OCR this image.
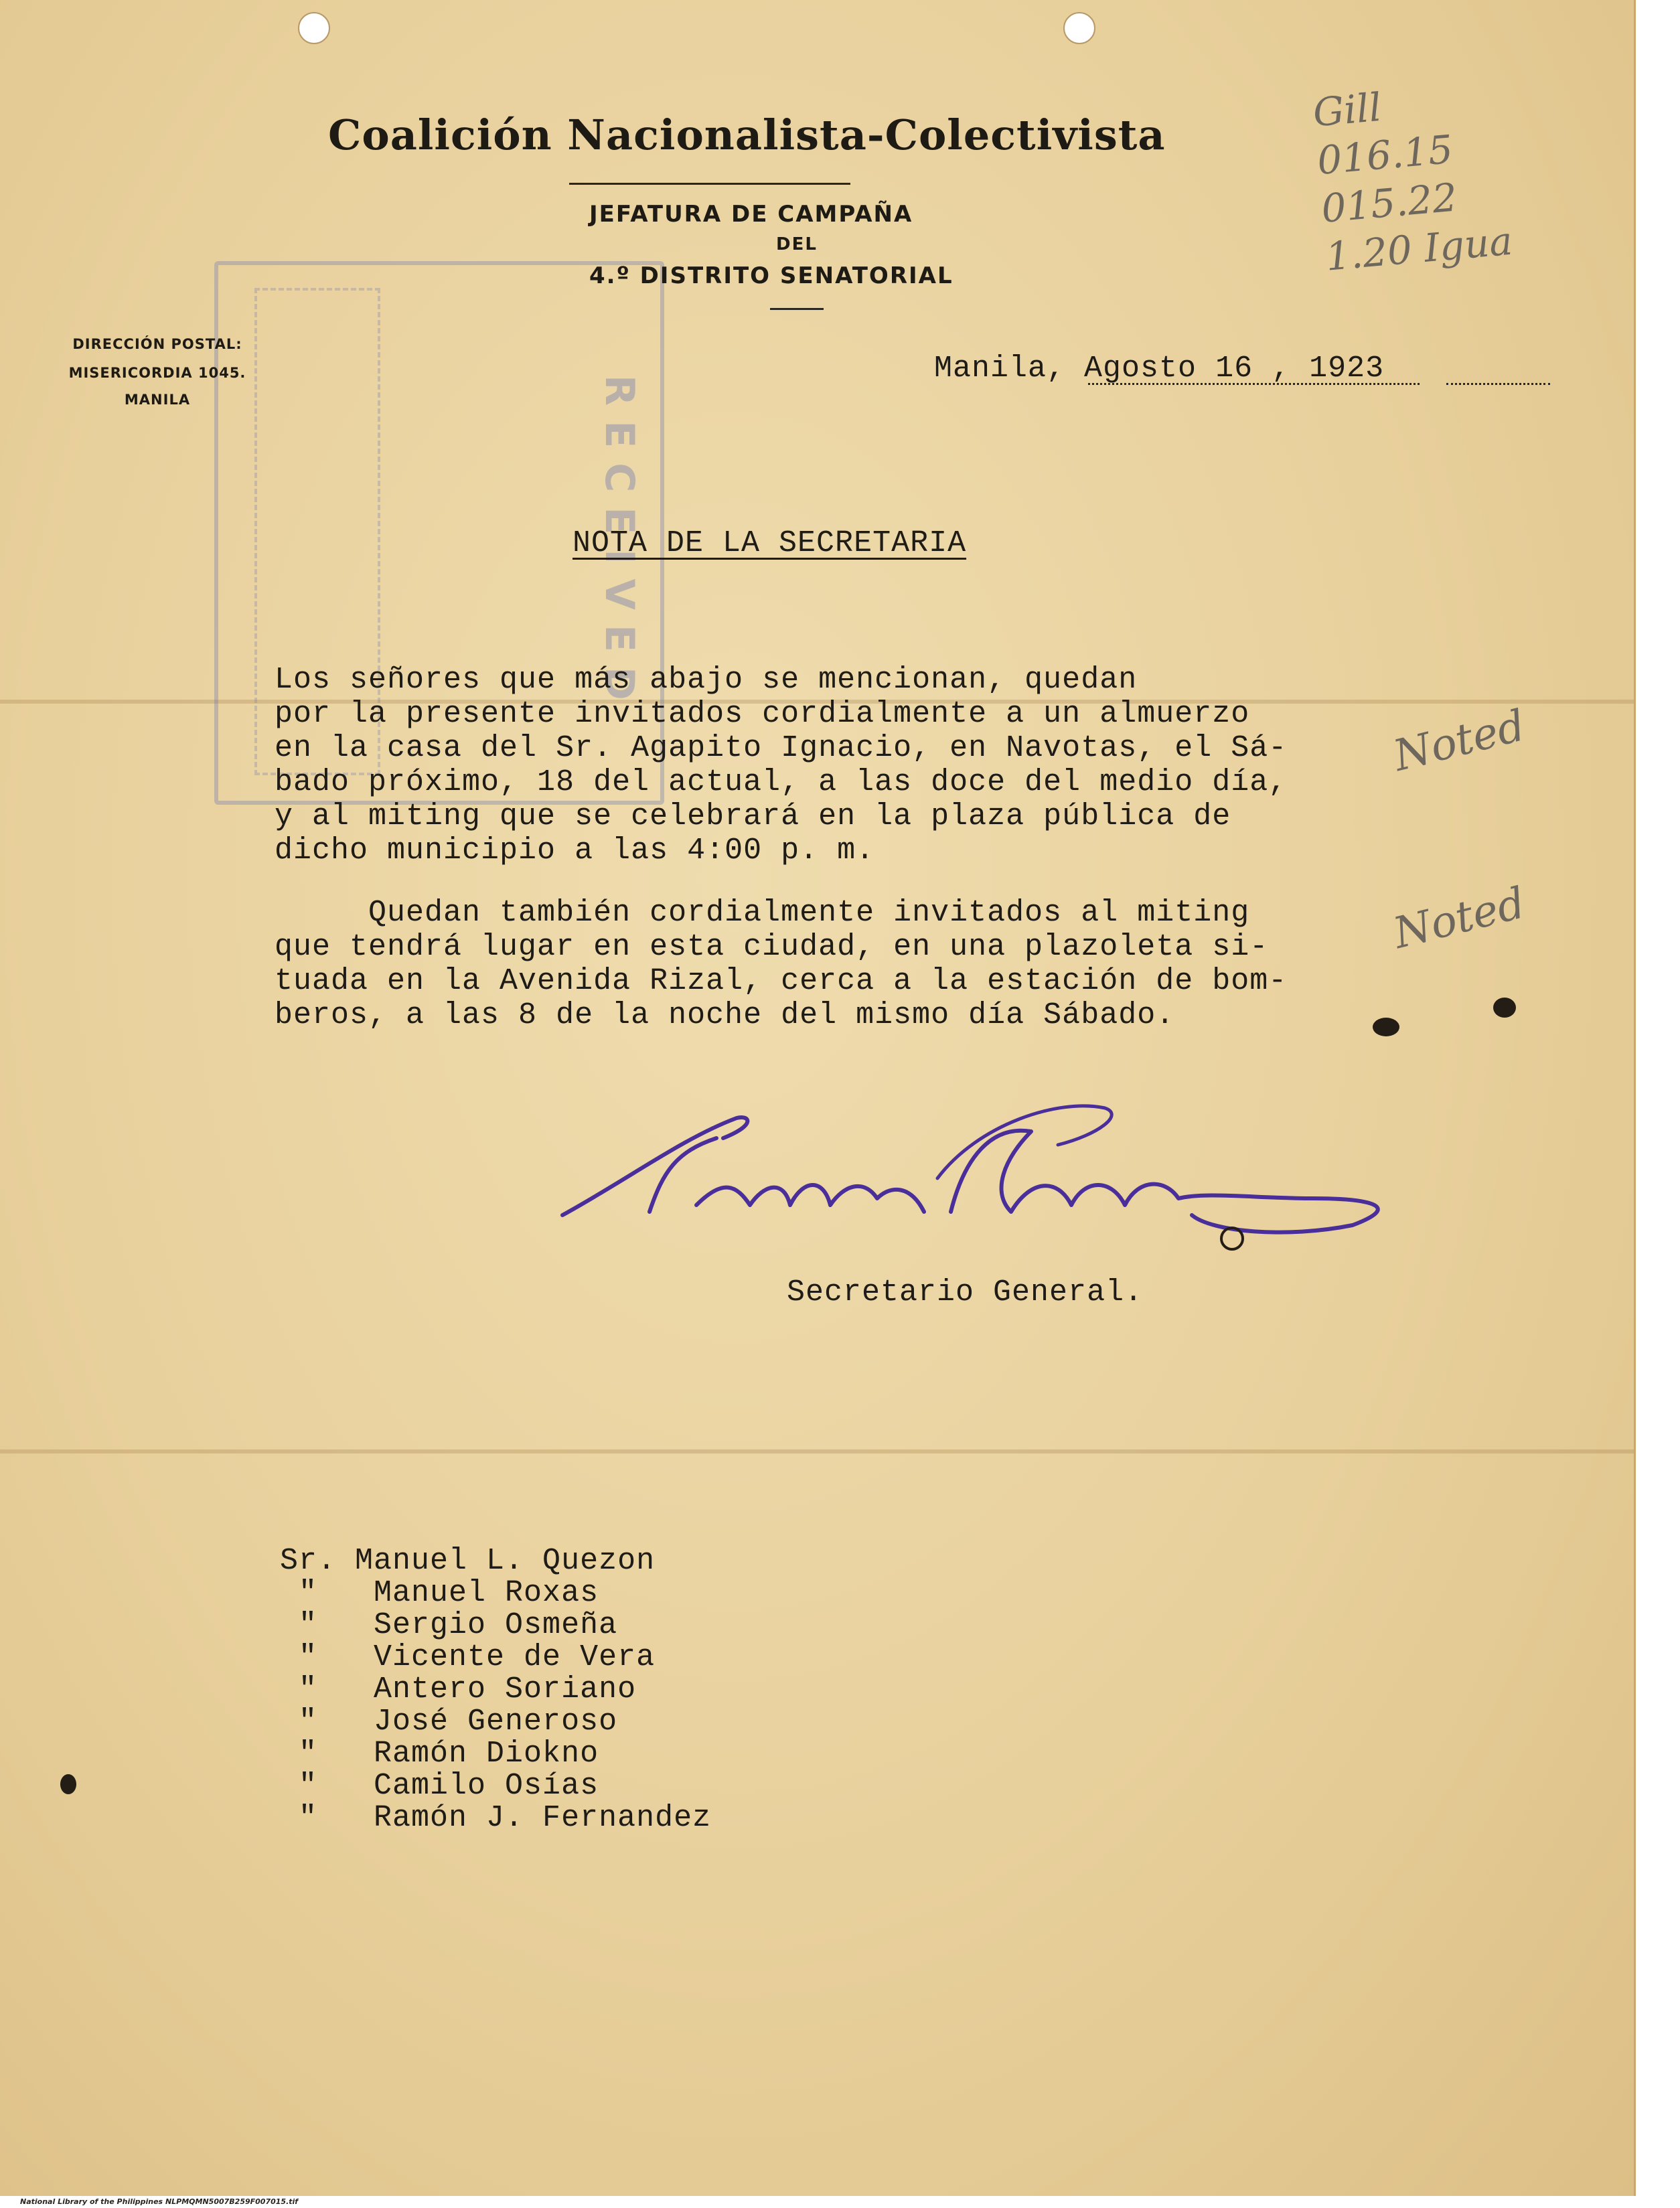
RECEIVED
Coalición Nacionalista-Colectivista
JEFATURA DE CAMPAÑA
DEL
4.º DISTRITO SENATORIAL
DIRECCIÓN POSTAL:
MISERICORDIA 1045.
MANILA
Manila, Agosto 16 , 1923
Gill
016.15
015.22
1.20 Igua
Noted
Noted
NOTA DE LA SECRETARIA
Los señores que más abajo se mencionan, quedan
por la presente invitados cordialmente a un almuerzo
en la casa del Sr. Agapito Ignacio, en Navotas, el Sá-
bado próximo, 18 del actual, a las doce del medio día,
y al miting que se celebrará en la plaza pública de
dicho municipio a las 4:00 p. m.
Quedan también cordialmente invitados al miting
que tendrá lugar en esta ciudad, en una plazoleta si-
tuada en la Avenida Rizal, cerca a la estación de bom-
beros, a las 8 de la noche del mismo día Sábado.
Secretario General.
Sr. Manuel L. Quezon
"   Manuel Roxas
"   Sergio Osmeña
"   Vicente de Vera
"   Antero Soriano
"   José Generoso
"   Ramón Diokno
"   Camilo Osías
"   Ramón J. Fernandez
National Library of the Philippines NLPMQMN5007B259F007015.tif
